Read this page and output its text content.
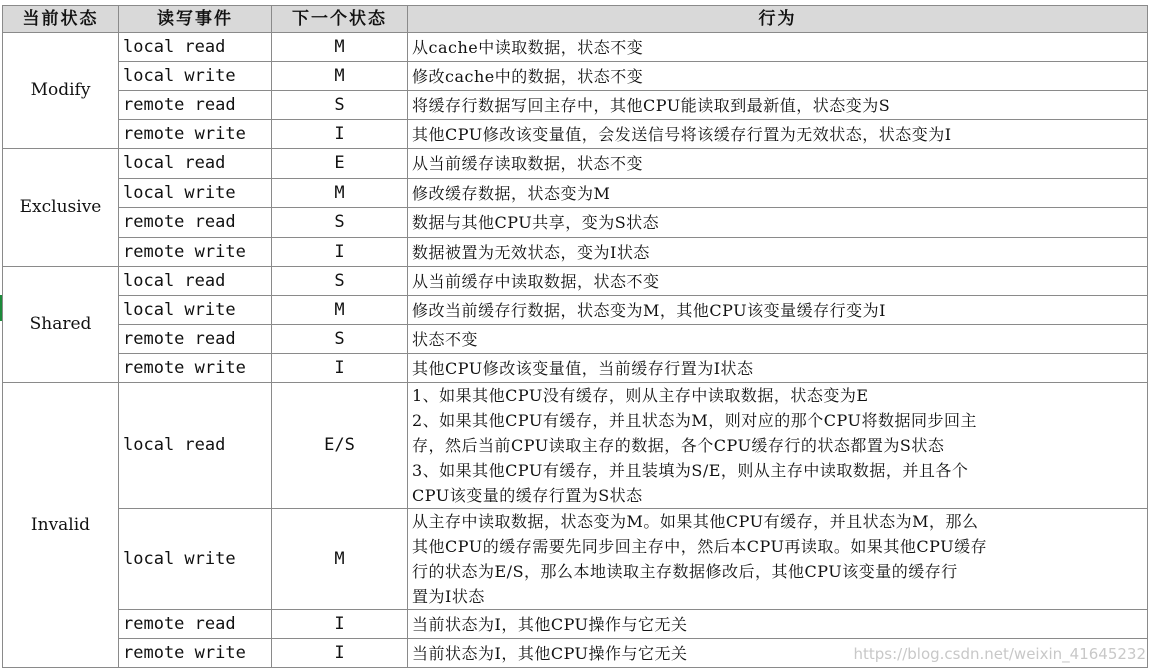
当前状态	读写事件	下一个状态	行为
Modify	local read	M	从cache中读取数据，状态不变

	local write	M	修改cache中的数据，状态不变

	remote read	S	将缓存行数据写回主存中，其他CPU能读取到最新值，状态变为S

	remote write	I	其他CPU修改该变量值，会发送信号将该缓存行置为无效状态，状态变为I

Exclusive	local read	E	从当前缓存读取数据，状态不变

	local write	M	修改缓存数据，状态变为M

	remote read	S	数据与其他CPU共享，变为S状态

	remote write	I	数据被置为无效状态，变为I状态

Shared	local read	S	从当前缓存中读取数据，状态不变

	local write	M	修改当前缓存行数据，状态变为M，其他CPU该变量缓存行变为I

	remote read	S	状态不变

	remote write	I	其他CPU修改该变量值，当前缓存行置为I状态

Invalid	local read	E/S	1、如果其他CPU没有缓存，则从主存中读取数据，状态变为E
2、如果其他CPU有缓存，并且状态为M，则对应的那个CPU将数据同步回主
存，然后当前CPU读取主存的数据，各个CPU缓存行的状态都置为S状态
3、如果其他CPU有缓存，并且装填为S/E，则从主存中读取数据，并且各个
CPU该变量的缓存行置为S状态

	local write	M	从主存中读取数据，状态变为M。如果其他CPU有缓存，并且状态为M，那么
其他CPU的缓存需要先同步回主存中，然后本CPU再读取。如果其他CPU缓存
行的状态为E/S，那么本地读取主存数据修改后，其他CPU该变量的缓存行
置为I状态

	remote read	I	当前状态为I，其他CPU操作与它无关

	remote write	I	当前状态为I，其他CPU操作与它无关	https://blog.csdn.net/weixin_41645232
